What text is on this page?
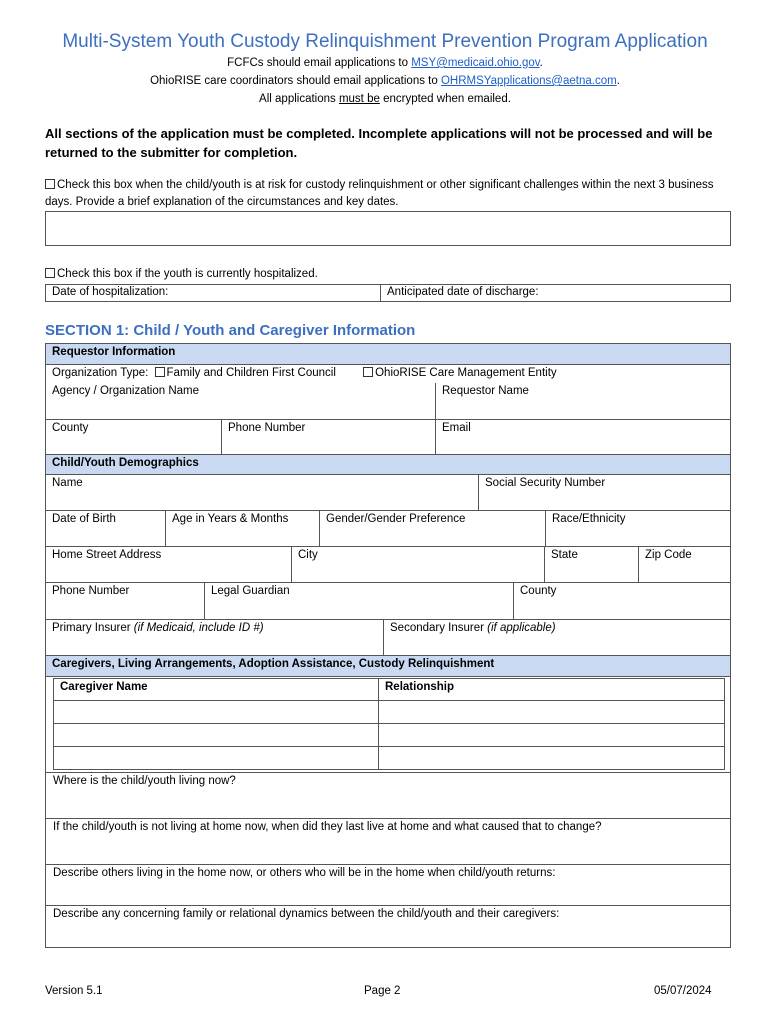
Multi-System Youth Custody Relinquishment Prevention Program Application
FCFCs should email applications to MSY@medicaid.ohio.gov.
OhioRISE care coordinators should email applications to OHRMSYapplications@aetna.com.
All applications must be encrypted when emailed.
All sections of the application must be completed. Incomplete applications will not be processed and will be returned to the submitter for completion.
Check this box when the child/youth is at risk for custody relinquishment or other significant challenges within the next 3 business days. Provide a brief explanation of the circumstances and key dates.
Check this box if the youth is currently hospitalized.
Date of hospitalization:	Anticipated date of discharge:
SECTION 1: Child / Youth and Caregiver Information
Requestor Information
Organization Type: Family and Children First Council	OhioRISE Care Management Entity
Agency / Organization Name	Requestor Name
County	Phone Number	Email
Child/Youth Demographics
Name	Social Security Number
Date of Birth	Age in Years & Months	Gender/Gender Preference	Race/Ethnicity
Home Street Address	City	State	Zip Code
Phone Number	Legal Guardian	County
Primary Insurer (if Medicaid, include ID #)	Secondary Insurer (if applicable)
Caregivers, Living Arrangements, Adoption Assistance, Custody Relinquishment
Caregiver Name	Relationship
Where is the child/youth living now?
If the child/youth is not living at home now, when did they last live at home and what caused that to change?
Describe others living in the home now, or others who will be in the home when child/youth returns:
Describe any concerning family or relational dynamics between the child/youth and their caregivers:
Version 5.1	Page 2	05/07/2024
